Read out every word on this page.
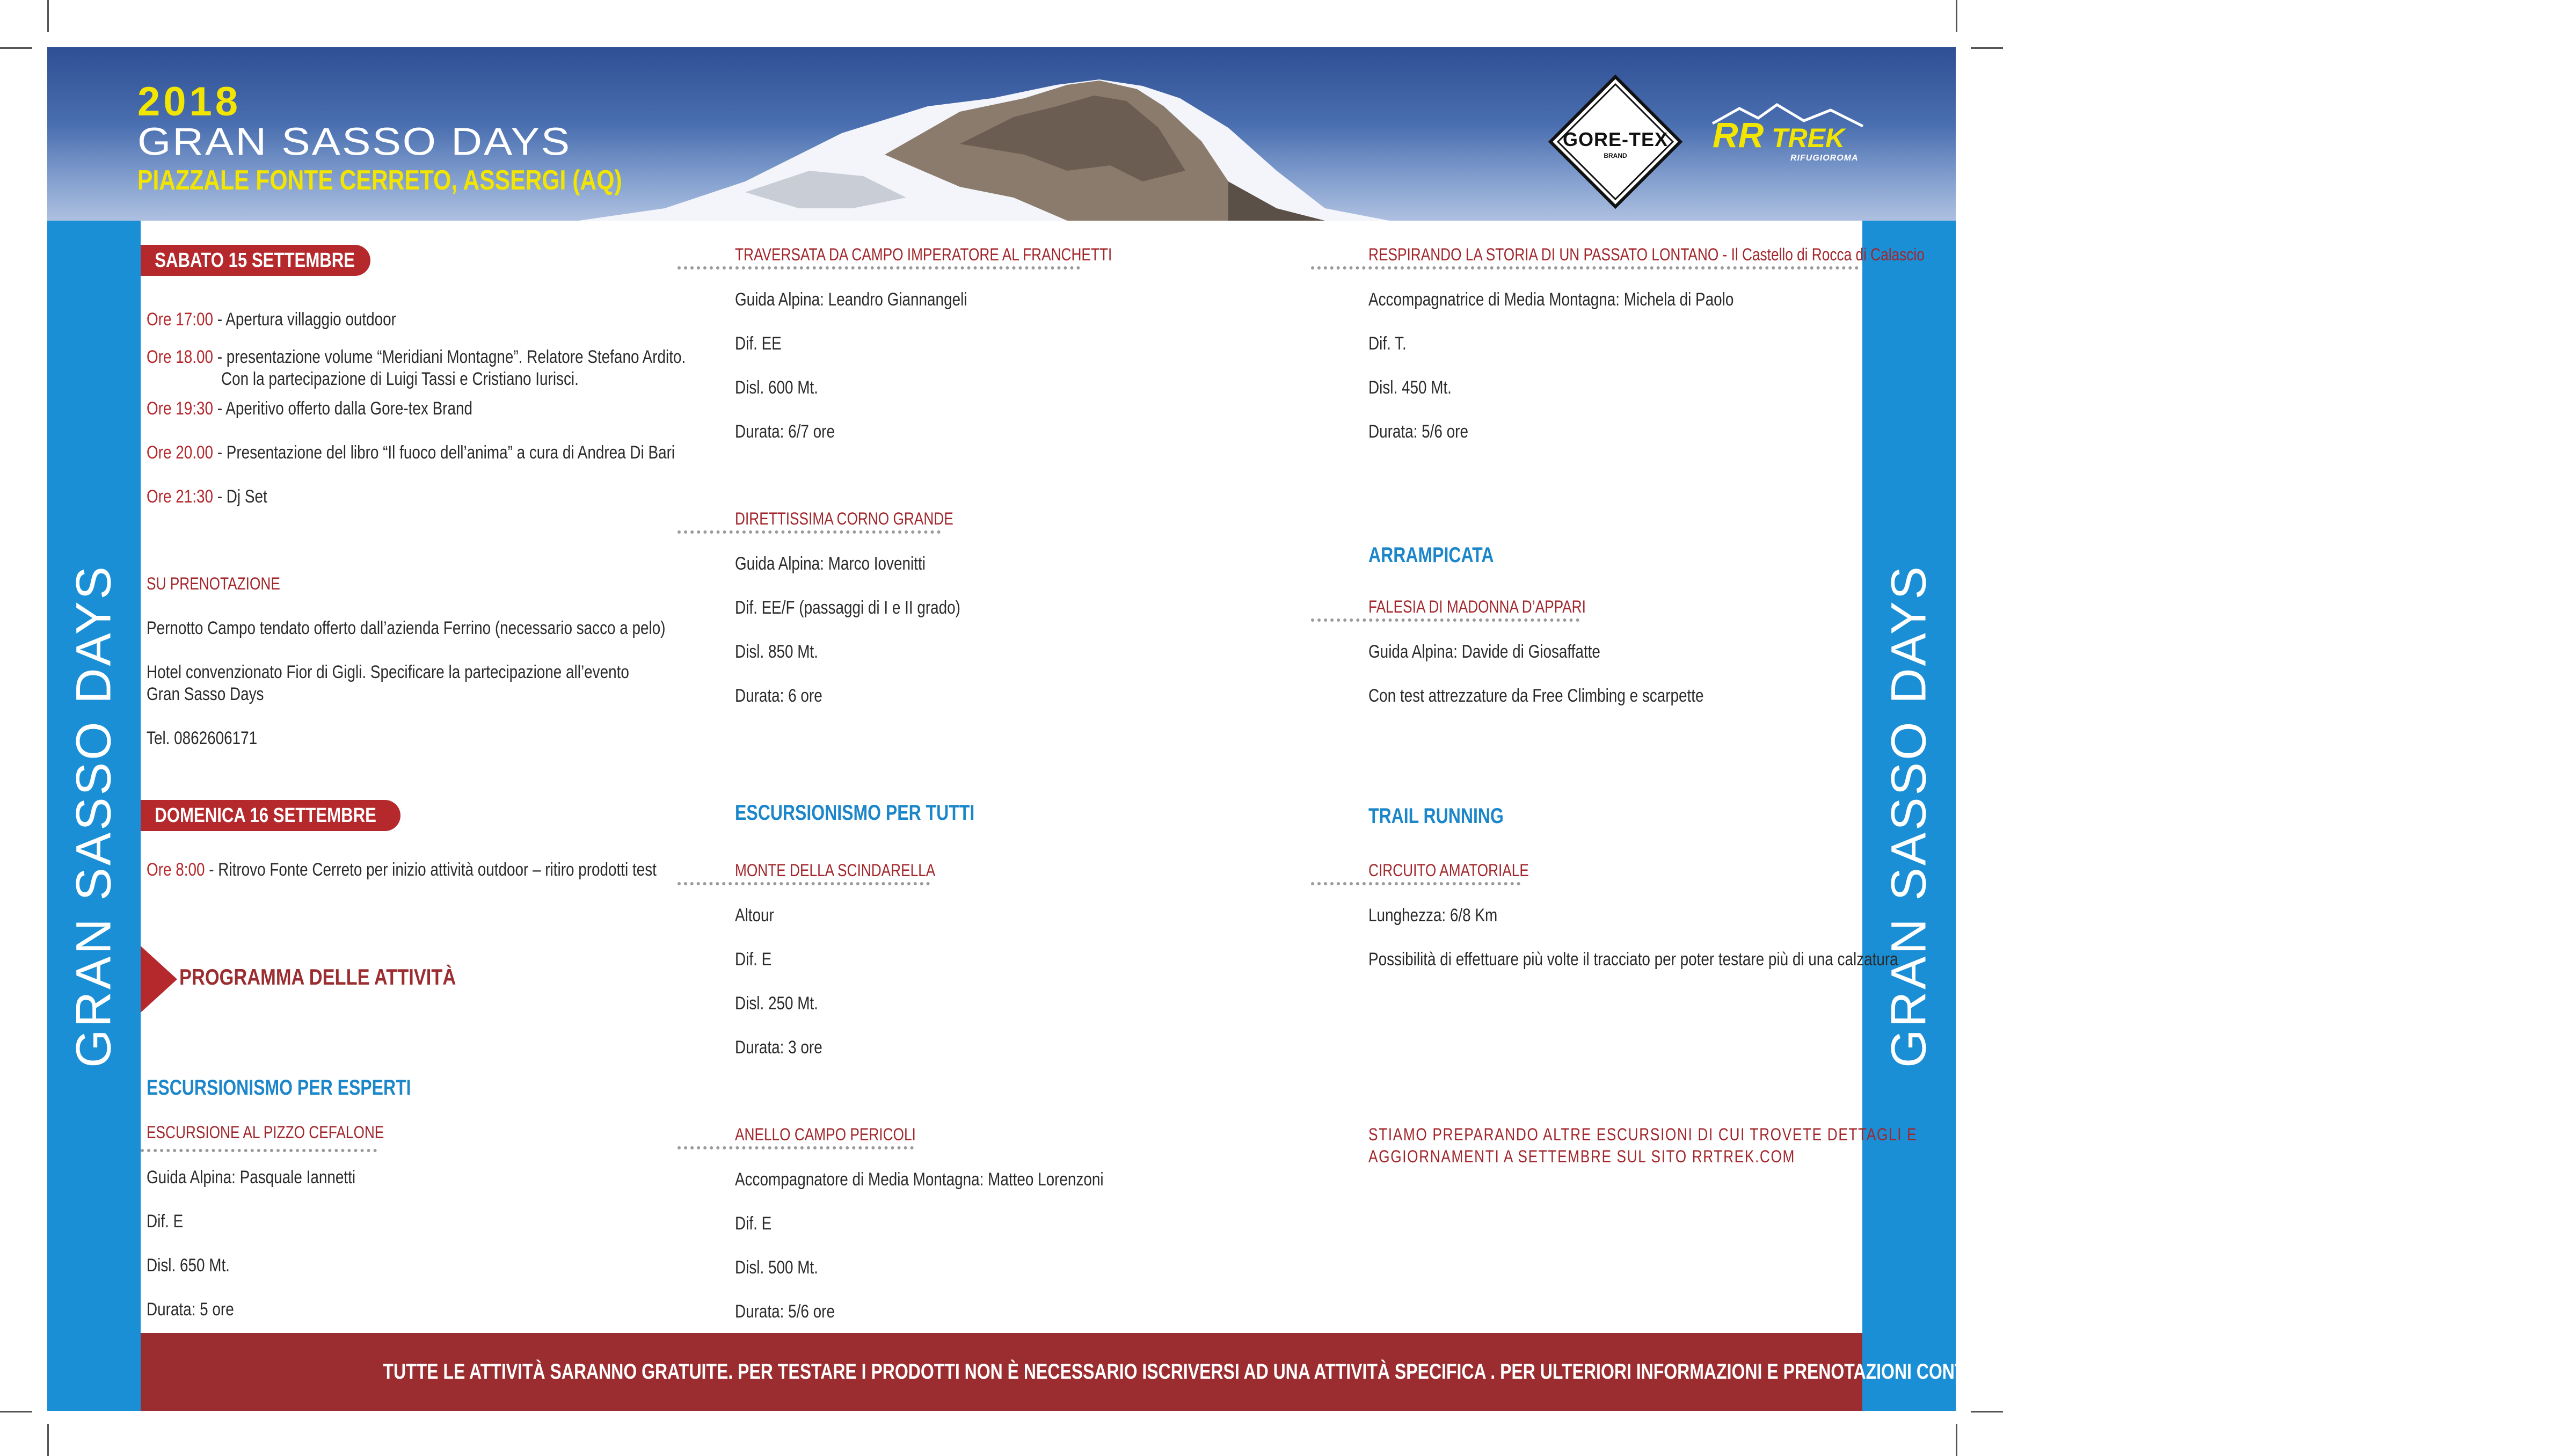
2018
GRAN SASSO DAYS
PIAZZALE FONTE CERRETO, ASSERGI (AQ)
GORE-TEX
BRAND
RR TREK
RIFUGIOROMA
GRAN SASSO DAYS	GRAN SASSO DAYS
SABATO 15 SETTEMBRE
Ore 17:00 - Apertura villaggio outdoor
Ore 18.00 - presentazione volume “Meridiani Montagne”. Relatore Stefano Ardito.
Con la partecipazione di Luigi Tassi e Cristiano Iurisci.
Ore 19:30 - Aperitivo offerto dalla Gore-tex Brand
Ore 20.00 - Presentazione del libro “Il fuoco dell’anima” a cura di Andrea Di Bari
Ore 21:30 - Dj Set
SU PRENOTAZIONE
Pernotto Campo tendato offerto dall’azienda Ferrino (necessario sacco a pelo)
Hotel convenzionato Fior di Gigli. Specificare la partecipazione all’evento
Gran Sasso Days
Tel. 0862606171
DOMENICA 16 SETTEMBRE
Ore 8:00 - Ritrovo Fonte Cerreto per inizio attività outdoor – ritiro prodotti test
PROGRAMMA DELLE ATTIVITÀ
ESCURSIONISMO PER ESPERTI
ESCURSIONE AL PIZZO CEFALONE
Guida Alpina: Pasquale Iannetti
Dif. E
Disl. 650 Mt.
Durata: 5 ore
TRAVERSATA DA CAMPO IMPERATORE AL FRANCHETTI
Guida Alpina: Leandro Giannangeli
Dif. EE
Disl. 600 Mt.
Durata: 6/7 ore
DIRETTISSIMA CORNO GRANDE
Guida Alpina: Marco Iovenitti
Dif. EE/F (passaggi di I e II grado)
Disl. 850 Mt.
Durata: 6 ore
ESCURSIONISMO PER TUTTI
MONTE DELLA SCINDARELLA
Altour
Dif. E
Disl. 250 Mt.
Durata: 3 ore
ANELLO CAMPO PERICOLI
Accompagnatore di Media Montagna: Matteo Lorenzoni
Dif. E
Disl. 500 Mt.
Durata: 5/6 ore
RESPIRANDO LA STORIA DI UN PASSATO LONTANO - Il Castello di Rocca di Calascio
Accompagnatrice di Media Montagna: Michela di Paolo
Dif. T.
Disl. 450 Mt.
Durata: 5/6 ore
ARRAMPICATA
FALESIA DI MADONNA D’APPARI
Guida Alpina: Davide di Giosaffatte
Con test attrezzature da Free Climbing e scarpette
TRAIL RUNNING
CIRCUITO AMATORIALE
Lunghezza: 6/8 Km
Possibilità di effettuare più volte il tracciato per poter testare più di una calzatura
STIAMO PREPARANDO ALTRE ESCURSIONI DI CUI TROVETE DETTAGLI E
AGGIORNAMENTI A SETTEMBRE SUL SITO RRTREK.COM
TUTTE LE ATTIVITÀ SARANNO GRATUITE. PER TESTARE I PRODOTTI NON È NECESSARIO ISCRIVERSI AD UNA ATTIVITÀ SPECIFICA . PER ULTERIORI INFORMAZIONI E PRENOTAZIONI CONTATTARE info@rrtrek.com - TEL. 0670450873
